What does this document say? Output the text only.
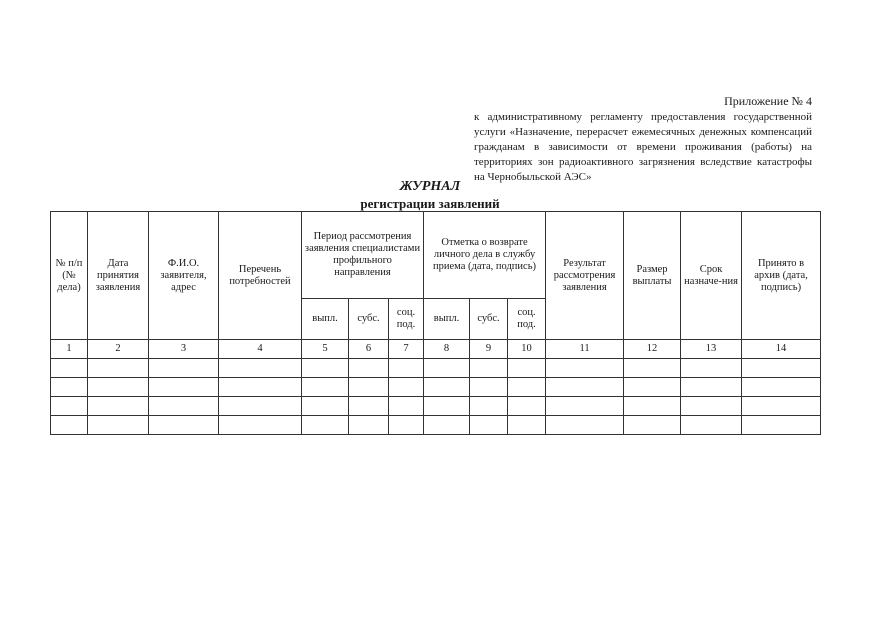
Приложение № 4
к административному регламенту предоставления государственной услуги «Назначение, перерасчет ежемесячных денежных компенсаций гражданам в зависимости от времени проживания (работы) на территориях зон радиоактивного загрязнения вследствие катастрофы на Чернобыльской АЭС»
ЖУРНАЛ
регистрации заявлений
№ п/п (№ дела)	Дата принятия заявления	Ф.И.О. заявителя, адрес	Перечень потребностей	Период рассмотрения заявления специалистами профильного направления			Отметка о возврате личного дела в службу приема (дата, подпись)			Результат рассмотрения заявления	Размер выплаты	Срок назначе-ния	Принято в архив (дата, подпись)
				выпл.	субс.	соц. под.	выпл.	субс.	соц. под.				
1	2	3	4	5	6	7	8	9	10	11	12	13	14
